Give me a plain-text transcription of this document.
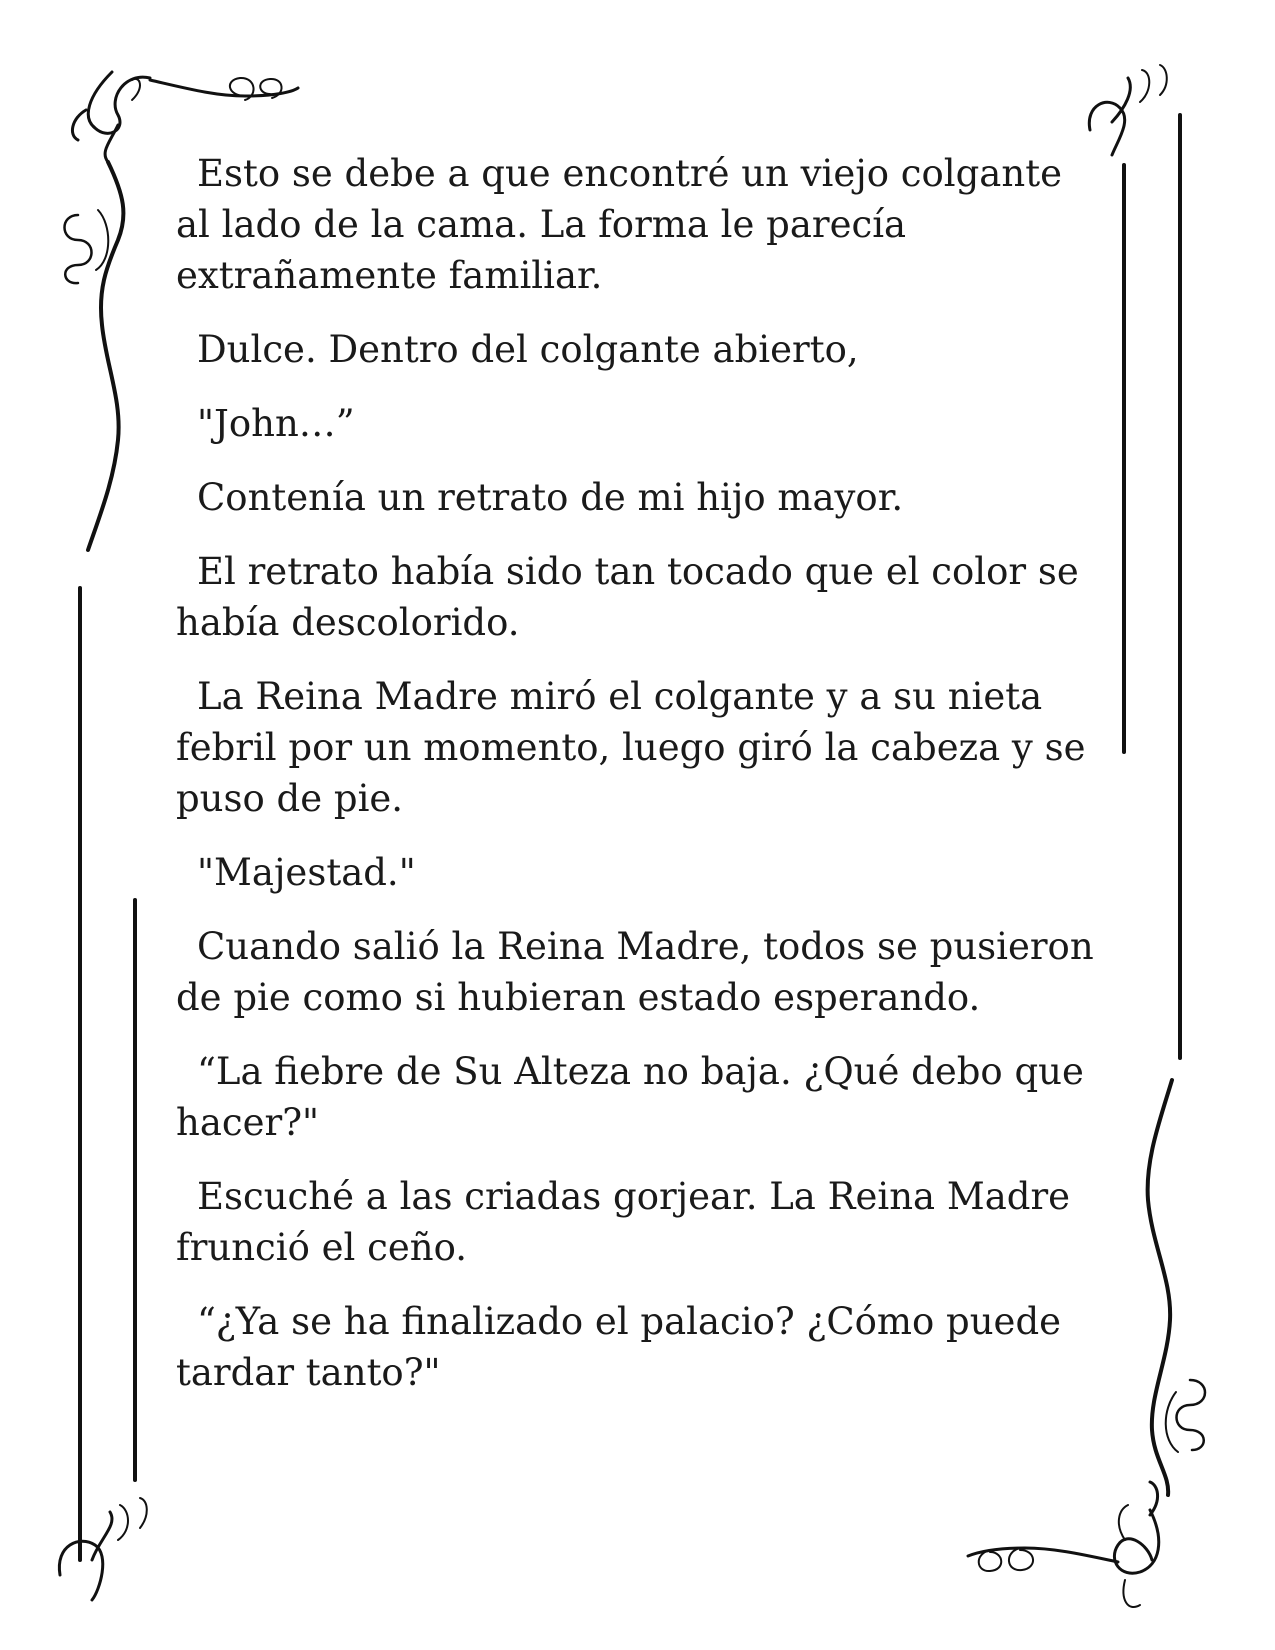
Esto se debe a que encontré un viejo colgante al lado de la cama. La forma le parecía extrañamente familiar.

Dulce. Dentro del colgante abierto,

"John…”

Contenía un retrato de mi hijo mayor.

El retrato había sido tan tocado que el color se había descolorido.

La Reina Madre miró el colgante y a su nieta febril por un momento, luego giró la cabeza y se puso de pie.

"Majestad."

Cuando salió la Reina Madre, todos se pusieron de pie como si hubieran estado esperando.

“La fiebre de Su Alteza no baja. ¿Qué debo que hacer?"

Escuché a las criadas gorjear. La Reina Madre frunció el ceño.

“¿Ya se ha finalizado el palacio? ¿Cómo puede tardar tanto?"
